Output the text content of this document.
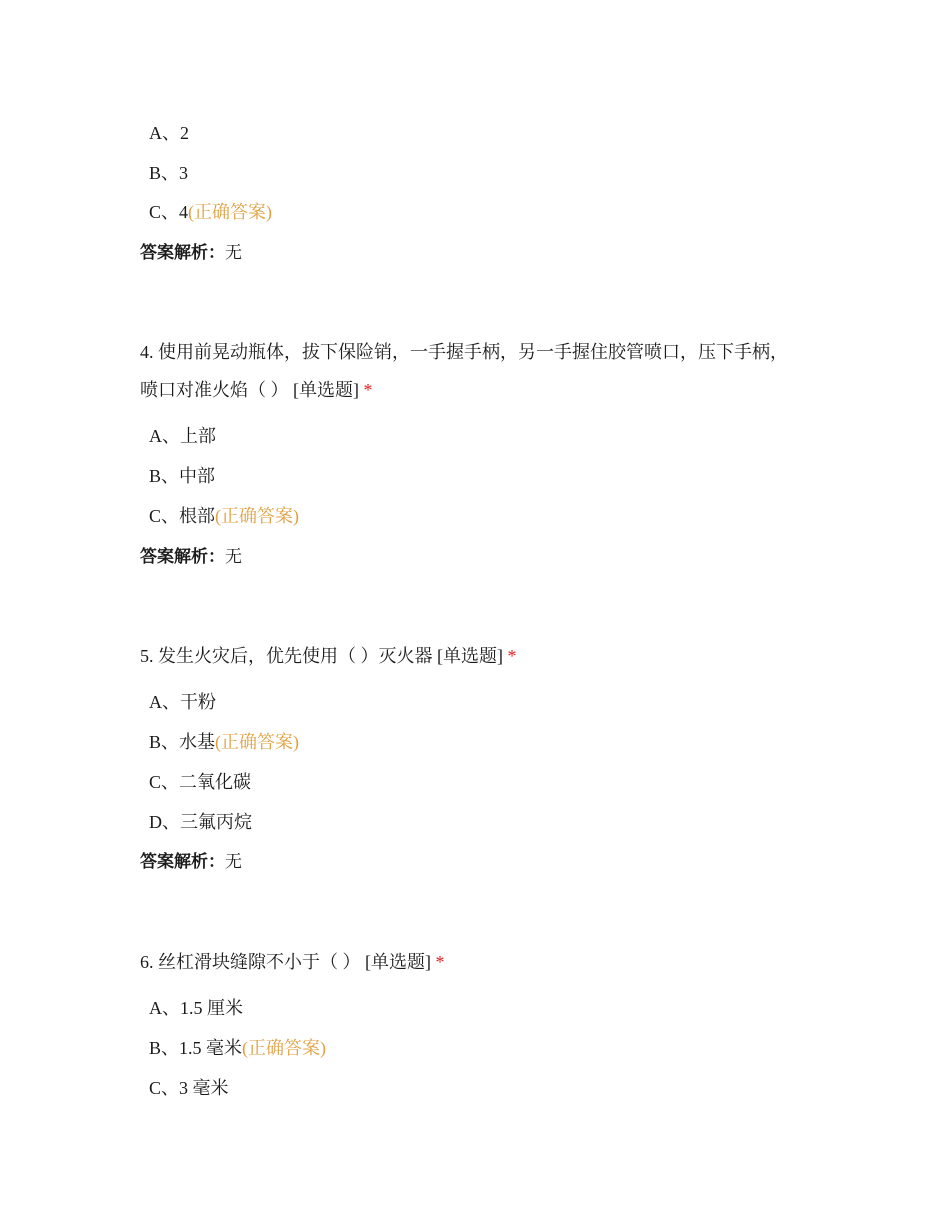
A、2
B、3
C、4(正确答案)
答案解析：无
4. 使用前晃动瓶体，拔下保险销，一手握手柄，另一手握住胶管喷口，压下手柄，
喷口对准火焰（ ） [单选题] *
A、上部
B、中部
C、根部(正确答案)
答案解析：无
5. 发生火灾后，优先使用（ ）灭火器 [单选题] *
A、干粉
B、水基(正确答案)
C、二氧化碳
D、三氟丙烷
答案解析：无
6. 丝杠滑块缝隙不小于（ ） [单选题] *
A、1.5 厘米
B、1.5 毫米(正确答案)
C、3 毫米
